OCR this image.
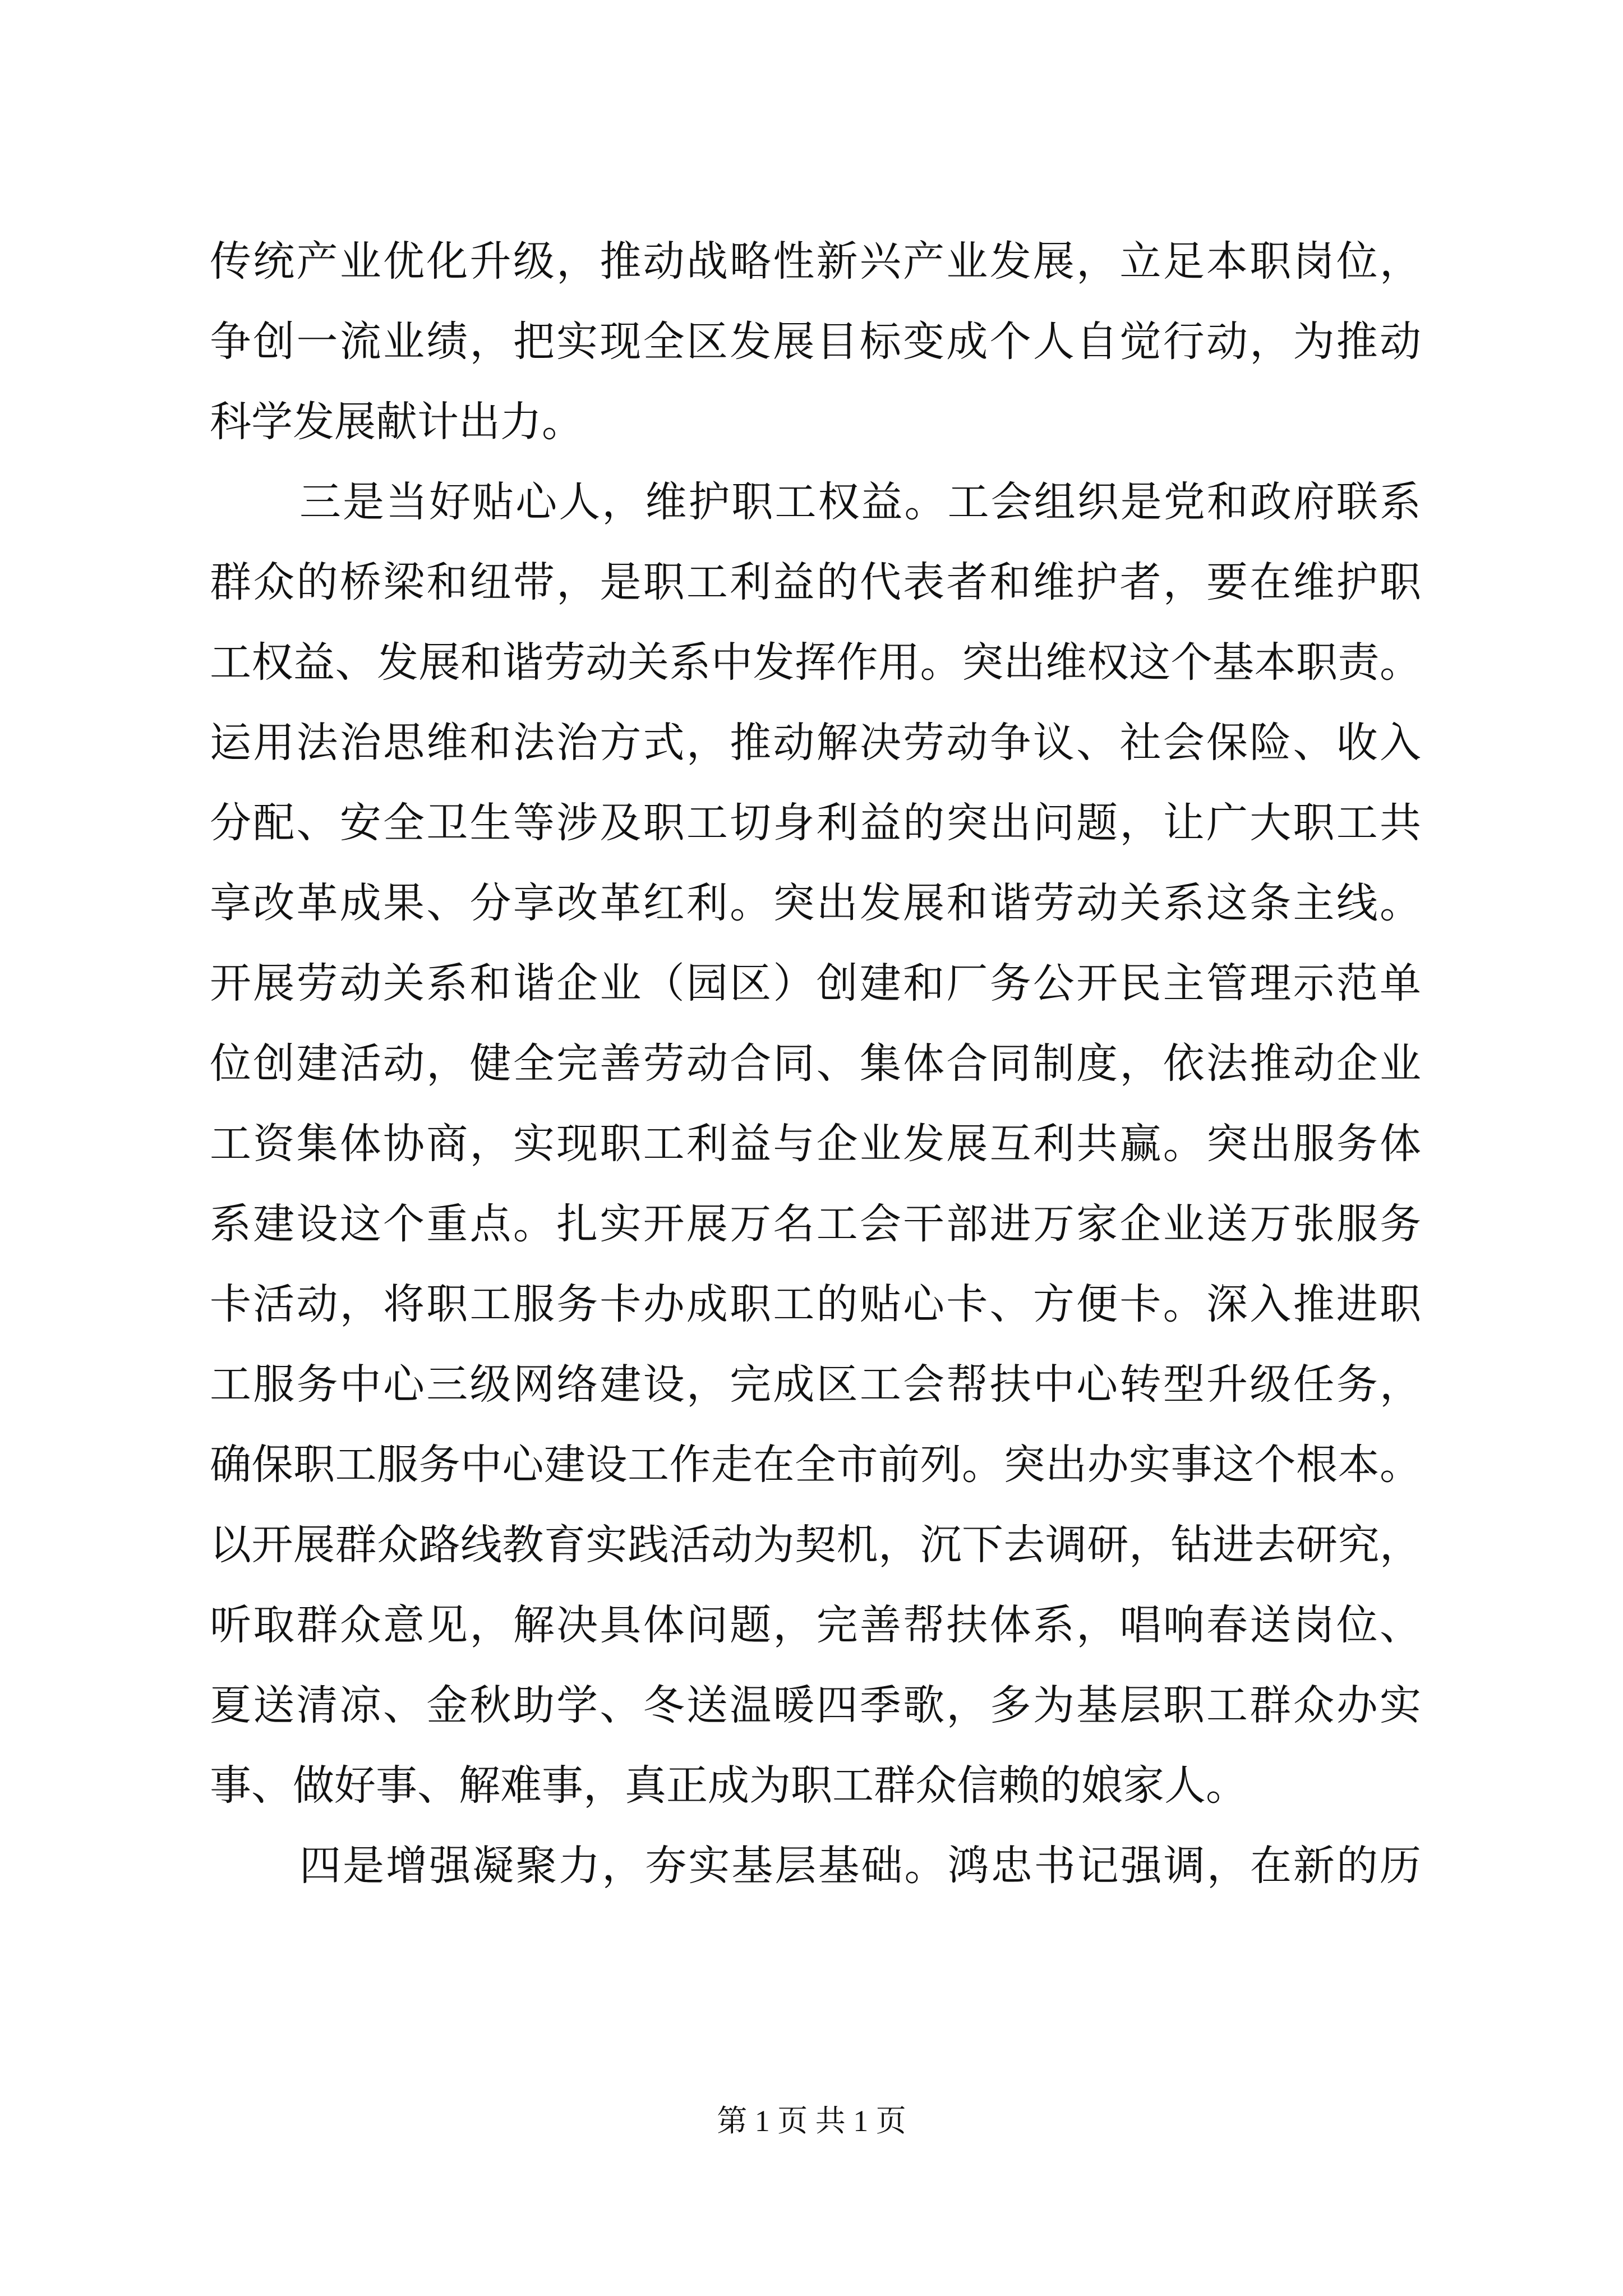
传统产业优化升级，推动战略性新兴产业发展，立足本职岗位，
争创一流业绩，把实现全区发展目标变成个人自觉行动，为推动
科学发展献计出力。
三是当好贴心人，维护职工权益。工会组织是党和政府联系
群众的桥梁和纽带，是职工利益的代表者和维护者，要在维护职
工权益、发展和谐劳动关系中发挥作用。突出维权这个基本职责。
运用法治思维和法治方式，推动解决劳动争议、社会保险、收入
分配、安全卫生等涉及职工切身利益的突出问题，让广大职工共
享改革成果、分享改革红利。突出发展和谐劳动关系这条主线。
开展劳动关系和谐企业（园区）创建和厂务公开民主管理示范单
位创建活动，健全完善劳动合同、集体合同制度，依法推动企业
工资集体协商，实现职工利益与企业发展互利共赢。突出服务体
系建设这个重点。扎实开展万名工会干部进万家企业送万张服务
卡活动，将职工服务卡办成职工的贴心卡、方便卡。深入推进职
工服务中心三级网络建设，完成区工会帮扶中心转型升级任务，
确保职工服务中心建设工作走在全市前列。突出办实事这个根本。
以开展群众路线教育实践活动为契机，沉下去调研，钻进去研究，
听取群众意见，解决具体问题，完善帮扶体系，唱响春送岗位、
夏送清凉、金秋助学、冬送温暖四季歌，多为基层职工群众办实
事、做好事、解难事，真正成为职工群众信赖的娘家人。
四是增强凝聚力，夯实基层基础。鸿忠书记强调，在新的历
第 1 页 共 1 页
